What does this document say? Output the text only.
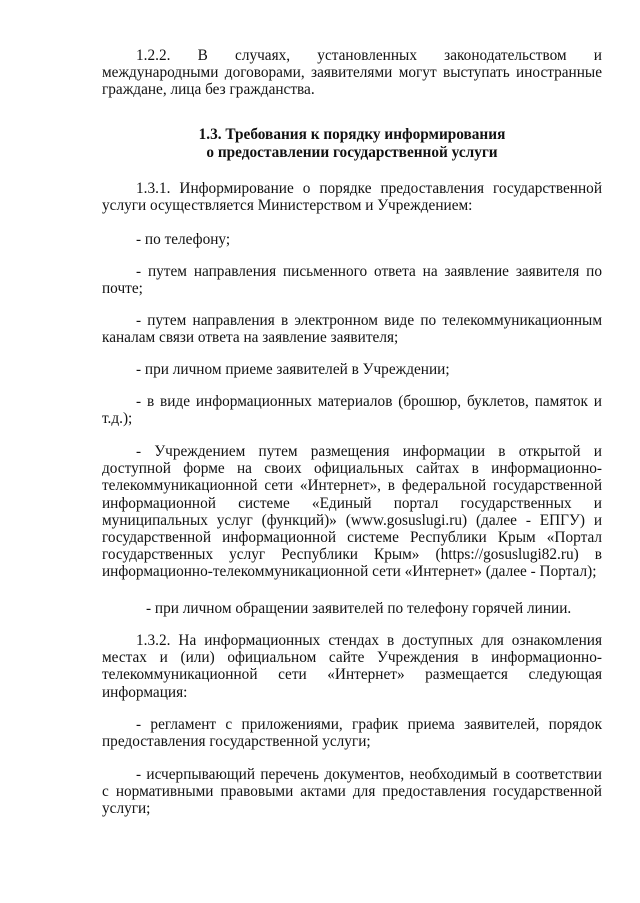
1.2.2. В случаях, установленных законодательством и международными договорами, заявителями могут выступать иностранные граждане, лица без гражданства.

1.3. Требования к порядку информирования

о предоставлении государственной услуги

1.3.1. Информирование о порядке предоставления государственной услуги осуществляется Министерством и Учреждением:

- по телефону;

- путем направления письменного ответа на заявление заявителя по почте;

- путем направления в электронном виде по телекоммуникационным каналам связи ответа на заявление заявителя;

- при личном приеме заявителей в Учреждении;

- в виде информационных материалов (брошюр, буклетов, памяток и т.д.);

- Учреждением путем размещения информации в открытой и доступной форме на своих официальных сайтах в информационно-телекоммуникационной сети «Интернет», в федеральной государственной информационной системе «Единый портал государственных и муниципальных услуг (функций)» (www.gosuslugi.ru) (далее - ЕПГУ) и государственной информационной системе Республики Крым «Портал государственных услуг Республики Крым» (https://gosuslugi82.ru) в информационно-телекоммуникационной сети «Интернет» (далее - Портал);

- при личном обращении заявителей по телефону горячей линии.

1.3.2. На информационных стендах в доступных для ознакомления местах и (или) официальном сайте Учреждения в информационно-телекоммуникационной сети «Интернет» размещается следующая информация:

- регламент с приложениями, график приема заявителей, порядок предоставления государственной услуги;

- исчерпывающий перечень документов, необходимый в соответствии с нормативными правовыми актами для предоставления государственной услуги;
